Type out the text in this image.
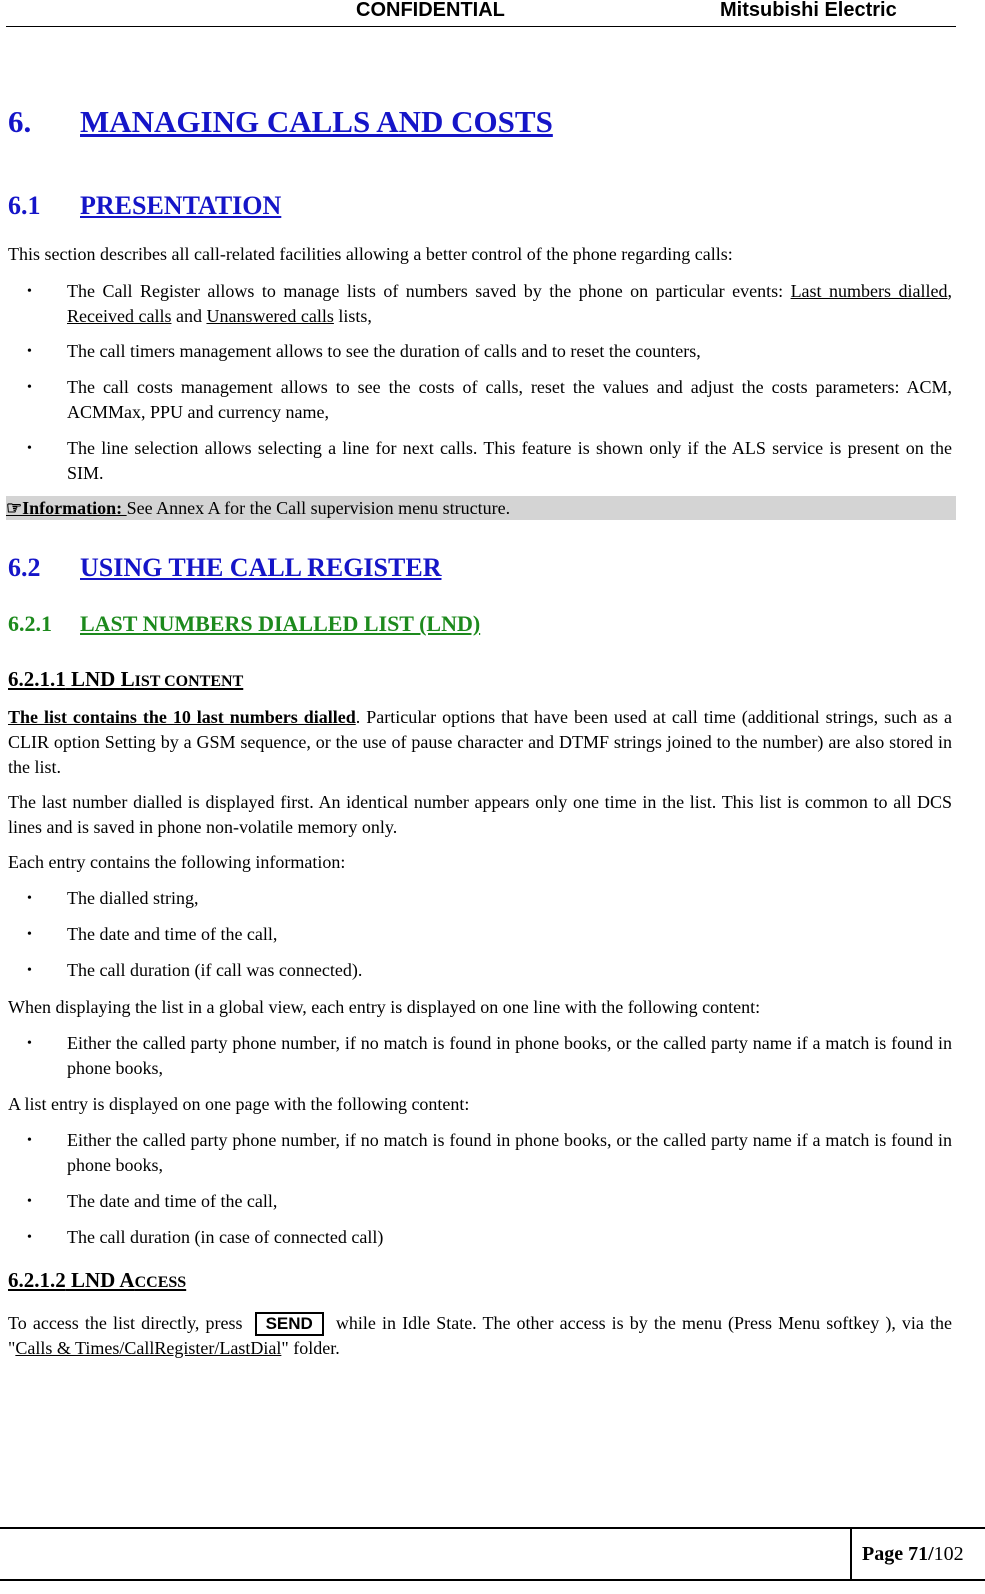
CONFIDENTIAL	Mitsubishi Electric
6. MANAGING CALLS AND COSTS
6.1 PRESENTATION
This section describes all call-related facilities allowing a better control of the phone regarding calls:
• The Call Register allows to manage lists of numbers saved by the phone on particular events: Last numbers dialled, Received calls and Unanswered calls lists,
• The call timers management allows to see the duration of calls and to reset the counters,
• The call costs management allows to see the costs of calls, reset the values and adjust the costs parameters: ACM, ACMMax, PPU and currency name,
• The line selection allows selecting a line for next calls. This feature is shown only if the ALS service is present on the SIM.
☞Information: See Annex A for the Call supervision menu structure.
6.2 USING THE CALL REGISTER
6.2.1 LAST NUMBERS DIALLED LIST (LND)
6.2.1.1 LND LIST CONTENT
The list contains the 10 last numbers dialled. Particular options that have been used at call time (additional strings, such as a CLIR option Setting by a GSM sequence, or the use of pause character and DTMF strings joined to the number) are also stored in the list.
The last number dialled is displayed first. An identical number appears only one time in the list. This list is common to all DCS lines and is saved in phone non-volatile memory only.
Each entry contains the following information:
• The dialled string,
• The date and time of the call,
• The call duration (if call was connected).
When displaying the list in a global view, each entry is displayed on one line with the following content:
• Either the called party phone number, if no match is found in phone books, or the called party name if a match is found in phone books,
A list entry is displayed on one page with the following content:
• Either the called party phone number, if no match is found in phone books, or the called party name if a match is found in phone books,
• The date and time of the call,
• The call duration (in case of connected call)
6.2.1.2 LND ACCESS
To access the list directly, press SEND while in Idle State. The other access is by the menu (Press Menu softkey ), via the "Calls & Times/CallRegister/LastDial" folder.
Page 71/102
